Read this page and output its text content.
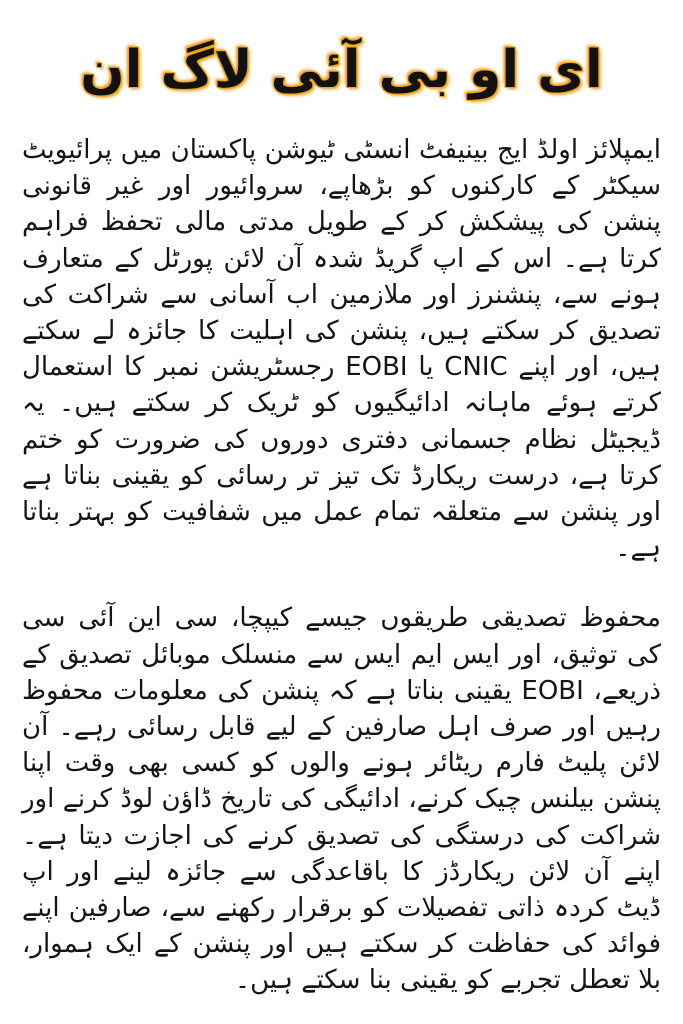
ای او بی آئی لاگ ان

ایمپلائز اولڈ ایج بینیفٹ انسٹی ٹیوشن پاکستان میں پرائیویٹ سیکٹر کے کارکنوں کو بڑھاپے، سروائیور اور غیر قانونی پنشن کی پیشکش کر کے طویل مدتی مالی تحفظ فراہم کرتا ہے۔ اس کے اپ گریڈ شدہ آن لائن پورٹل کے متعارف ہونے سے، پنشنرز اور ملازمین اب آسانی سے شراکت کی تصدیق کر سکتے ہیں، پنشن کی اہلیت کا جائزہ لے سکتے ہیں، اور اپنے CNIC یا EOBI رجسٹریشن نمبر کا استعمال کرتے ہوئے ماہانہ ادائیگیوں کو ٹریک کر سکتے ہیں۔ یہ ڈیجیٹل نظام جسمانی دفتری دوروں کی ضرورت کو ختم کرتا ہے، درست ریکارڈ تک تیز تر رسائی کو یقینی بناتا ہے اور پنشن سے متعلقہ تمام عمل میں شفافیت کو بہتر بناتا ہے۔

محفوظ تصدیقی طریقوں جیسے کیپچا، سی این آئی سی کی توثیق، اور ایس ایم ایس سے منسلک موبائل تصدیق کے ذریعے، EOBI یقینی بناتا ہے کہ پنشن کی معلومات محفوظ رہیں اور صرف اہل صارفین کے لیے قابل رسائی رہے۔ آن لائن پلیٹ فارم ریٹائر ہونے والوں کو کسی بھی وقت اپنا پنشن بیلنس چیک کرنے، ادائیگی کی تاریخ ڈاؤن لوڈ کرنے اور شراکت کی درستگی کی تصدیق کرنے کی اجازت دیتا ہے۔ اپنے آن لائن ریکارڈز کا باقاعدگی سے جائزہ لینے اور اپ ڈیٹ کردہ ذاتی تفصیلات کو برقرار رکھنے سے، صارفین اپنے فوائد کی حفاظت کر سکتے ہیں اور پنشن کے ایک ہموار، بلا تعطل تجربے کو یقینی بنا سکتے ہیں۔
